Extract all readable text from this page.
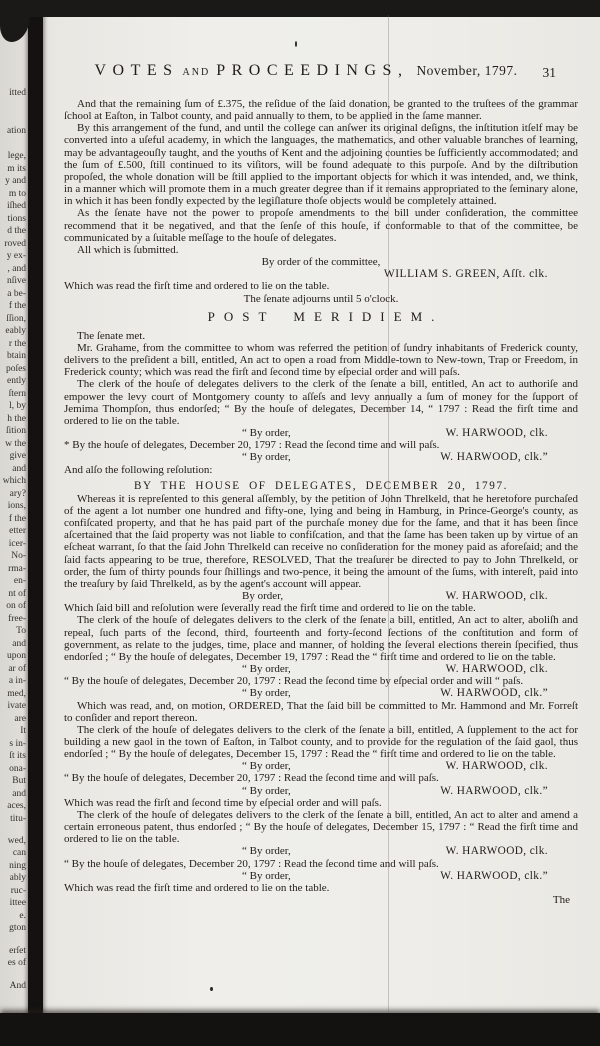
itted
ation
lege,
m its
y and
m to
iſhed
tions
d the
roved
y ex-
, and
nſive
a be-
f the
ſſion,
eably
r the
btain
poſes
ently
ſtern
l, by
h the
ſition
w the
give
and
which
ary?
ions,
f the
etter
icer-
No-
rma-
en-
nt of
on of
free-
To
and
upon
ar of
a in-
med,
ivate
are
It
s in-
ſt its
ona-
But
and
aces,
titu-
wed,
can
ning
ably
ruc-
ittee
e.
gton
erſet
es of
And
VOTES AND PROCEEDINGS, November, 1797.	31
And that the remaining ſum of £.375, the reſidue of the ſaid donation, be granted to the truſtees of the grammar ſchool at Eaſton, in Talbot county, and paid annually to them, to be applied in the ſame manner.
By this arrangement of the fund, and until the college can anſwer its original deſigns, the inſtitution itſelf may be converted into a uſeful academy, in which the languages, the mathematics, and other valuable branches of learning, may be advantageouſly taught, and the youths of Kent and the adjoining counties be ſufficiently accommodated; and the ſum of £.500, ſtill continued to its viſitors, will be found adequate to this purpoſe. And by the diſtribution propoſed, the whole donation will be ſtill applied to the important objects for which it was intended, and, we think, in a manner which will promote them in a much greater degree than if it remains appropriated to the ſeminary alone, in which it has been fondly expected by the legiſlature thoſe objects would be completely attained.
As the ſenate have not the power to propoſe amendments to the bill under conſideration, the committee recommend that it be negatived, and that the ſenſe of this houſe, if conformable to that of the committee, be communicated by a ſuitable meſſage to the houſe of delegates.
All which is ſubmitted.
By order of the committee,
WILLIAM S. GREEN, Aſſt. clk.
Which was read the firſt time and ordered to lie on the table.
The ſenate adjourns until 5 o'clock.
POST MERIDIEM.
The ſenate met.
Mr. Grahame, from the committee to whom was referred the petition of ſundry inhabitants of Frederick county, delivers to the preſident a bill, entitled, An act to open a road from Middle-town to New-town, Trap or Freedom, in Frederick county; which was read the firſt and ſecond time by eſpecial order and will paſs.
The clerk of the houſe of delegates delivers to the clerk of the ſenate a bill, entitled, An act to authoriſe and empower the levy court of Montgomery county to aſſeſs and levy annually a ſum of money for the ſupport of Jemima Thompſon, thus endorſed; “ By the houſe of delegates, December 14, “ 1797 : Read the firſt time and ordered to lie on the table.
“ By order,	W. HARWOOD, clk.
* By the houſe of delegates, December 20, 1797 : Read the ſecond time and will paſs.
“ By order,	W. HARWOOD, clk.”
And alſo the following reſolution:
BY THE HOUSE OF DELEGATES, DECEMBER 20, 1797.
Whereas it is repreſented to this general aſſembly, by the petition of John Threlkeld, that he heretofore purchaſed of the agent a lot number one hundred and fifty-one, lying and being in Hamburg, in Prince-George's county, as confiſcated property, and that he has paid part of the purchaſe money due for the ſame, and that it has been ſince aſcertained that the ſaid property was not liable to confiſcation, and that the ſame has been taken up by virtue of an eſcheat warrant, ſo that the ſaid John Threlkeld can receive no conſideration for the money paid as aforeſaid; and the ſaid facts appearing to be true, therefore, RESOLVED, That the treaſurer be directed to pay to John Threlkeld, or order, the ſum of thirty pounds four ſhillings and two-pence, it being the amount of the ſums, with intereſt, paid into the treaſury by ſaid Threlkeld, as by the agent's account will appear.
By order,	W. HARWOOD, clk.
Which ſaid bill and reſolution were ſeverally read the firſt time and ordered to lie on the table.
The clerk of the houſe of delegates delivers to the clerk of the ſenate a bill, entitled, An act to alter, aboliſh and repeal, ſuch parts of the ſecond, third, fourteenth and forty-ſecond ſections of the conſtitution and form of government, as relate to the judges, time, place and manner, of holding the ſeveral elections therein ſpecified, thus endorſed ; “ By the houſe of delegates, December 19, 1797 : Read the “ firſt time and ordered to lie on the table.
“ By order,	W. HARWOOD, clk.
“ By the houſe of delegates, December 20, 1797 : Read the ſecond time by eſpecial order and will “ paſs.
“ By order,	W. HARWOOD, clk.”
Which was read, and, on motion, ORDERED, That the ſaid bill be committed to Mr. Hammond and Mr. Forreſt to conſider and report thereon.
The clerk of the houſe of delegates delivers to the clerk of the ſenate a bill, entitled, A ſupplement to the act for building a new gaol in the town of Eaſton, in Talbot county, and to provide for the regulation of the ſaid gaol, thus endorſed ; “ By the houſe of delegates, December 15, 1797 : Read the “ firſt time and ordered to lie on the table.
“ By order,	W. HARWOOD, clk.
“ By the houſe of delegates, December 20, 1797 : Read the ſecond time and will paſs.
“ By order,	W. HARWOOD, clk.”
Which was read the firſt and ſecond time by eſpecial order and will paſs.
The clerk of the houſe of delegates delivers to the clerk of the ſenate a bill, entitled, An act to alter and amend a certain erroneous patent, thus endorſed ; “ By the houſe of delegates, December 15, 1797 : “ Read the firſt time and ordered to lie on the table.
“ By order,	W. HARWOOD, clk.
“ By the houſe of delegates, December 20, 1797 : Read the ſecond time and will paſs.
“ By order,	W. HARWOOD, clk.”
Which was read the firſt time and ordered to lie on the table.
The
